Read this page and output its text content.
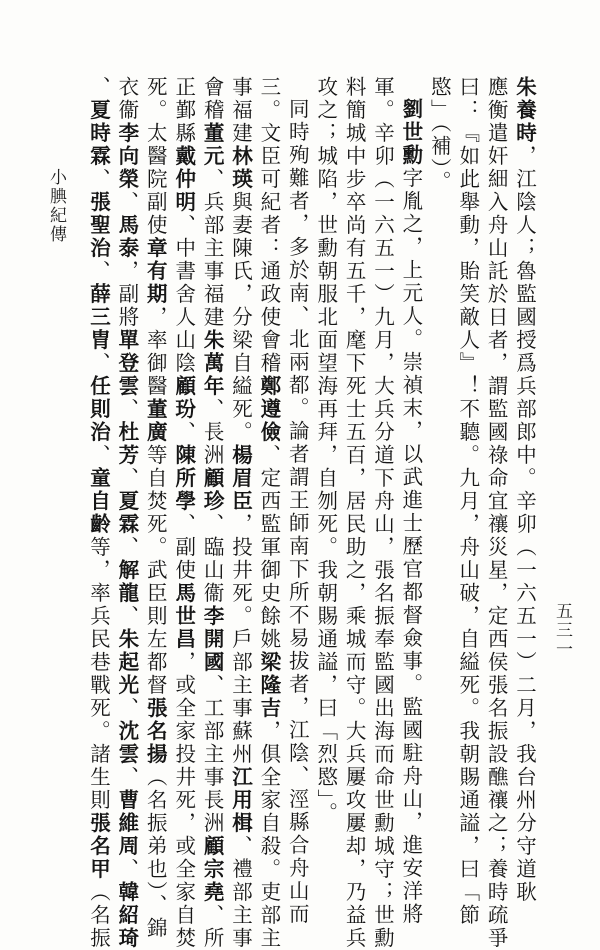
五三一
朱養時，江陰人；魯監國授爲兵部郎中。辛卯（一六五一）二月，我台州分守道耿
應衡遣奸細入舟山託於日者，謂監國祿命宜禳災星，定西侯張名振設醮禳之；養時疏爭
曰：『如此舉動，貽笑敵人』！不聽。九月，舟山破，自縊死。我朝賜通謚，曰「節
愍」（補）。
劉世勳字胤之，上元人。崇禎末，以武進士歷官都督僉事。監國駐舟山，進安洋將
軍。辛卯（一六五一）九月，大兵分道下舟山，張名振奉監國出海而命世勳城守；世勳
料簡城中步卒尚有五千，麾下死士五百，居民助之，乘城而守。大兵屢攻屢却，乃益兵
攻之；城陷，世勳朝服北面望海再拜，自刎死。我朝賜通謚，曰「烈愍」。
同時殉難者，多於南、北兩都。論者謂王師南下所不易拔者，江陰、涇縣合舟山而
三。文臣可紀者：通政使會稽鄭遵儉、定西監軍御史餘姚梁隆吉，俱全家自殺。吏部主
事福建林瑛與妻陳氏，分梁自縊死。楊眉臣，投井死。戶部主事蘇州江用楫、禮部主事
會稽董元、兵部主事福建朱萬年、長洲顧珍、臨山衞李開國、工部主事長洲顧宗堯、所
正鄞縣戴仲明、中書舍人山陰顧玢、陳所學、副使馬世昌，或全家投井死，或全家自焚
死。太醫院副使章有期，率御醫董廣等自焚死。武臣則左都督張名揚（名振弟也）、錦
衣衞李向榮、馬泰，副將單登雲、杜芳、夏霖、解龍、朱起光、沈雲、曹維周、韓紹琦
、夏時霖、張聖治、薛三胄、任則治、童自齡等，率兵民巷戰死。諸生則張名甲（名振
小腆紀傳
